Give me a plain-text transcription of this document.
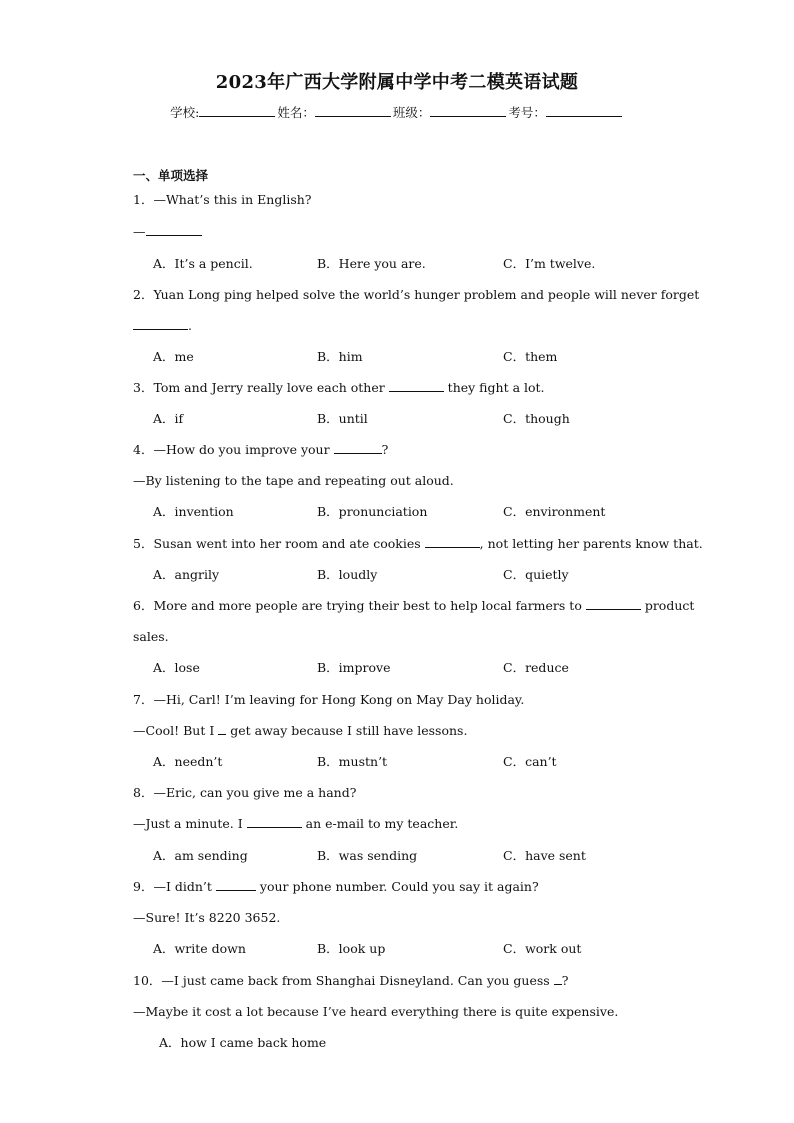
2023年广西大学附属中学中考二模英语试题
学校:	姓名：	班级：	考号：
一、单项选择
1．—What’s this in English?
—
A．It’s a pencil.	B．Here you are.	C．I’m twelve.
2．Yuan Long ping helped solve the world’s hunger problem and people will never forget
.
A．me	B．him	C．them
3．Tom and Jerry really love each other	they fight a lot.
A．if	B．until	C．though
4．—How do you improve your	?
—By listening to the tape and repeating out aloud.
A．invention	B．pronunciation	C．environment
5．Susan went into her room and ate cookies	, not letting her parents know that.
A．angrily	B．loudly	C．quietly
6．More and more people are trying their best to help local farmers to	product
sales.
A．lose	B．improve	C．reduce
7．—Hi, Carl! I’m leaving for Hong Kong on May Day holiday.
—Cool! But I get away because I still have lessons.
A．needn’t	B．mustn’t	C．can’t
8．—Eric, can you give me a hand?
—Just a minute. I	an e-mail to my teacher.
A．am sending	B．was sending	C．have sent
9．—I didn’t	your phone number. Could you say it again?
—Sure! It’s 8220 3652.
A．write down	B．look up	C．work out
10．—I just came back from Shanghai Disneyland. Can you guess ?
—Maybe it cost a lot because I’ve heard everything there is quite expensive.
A．how I came back home
